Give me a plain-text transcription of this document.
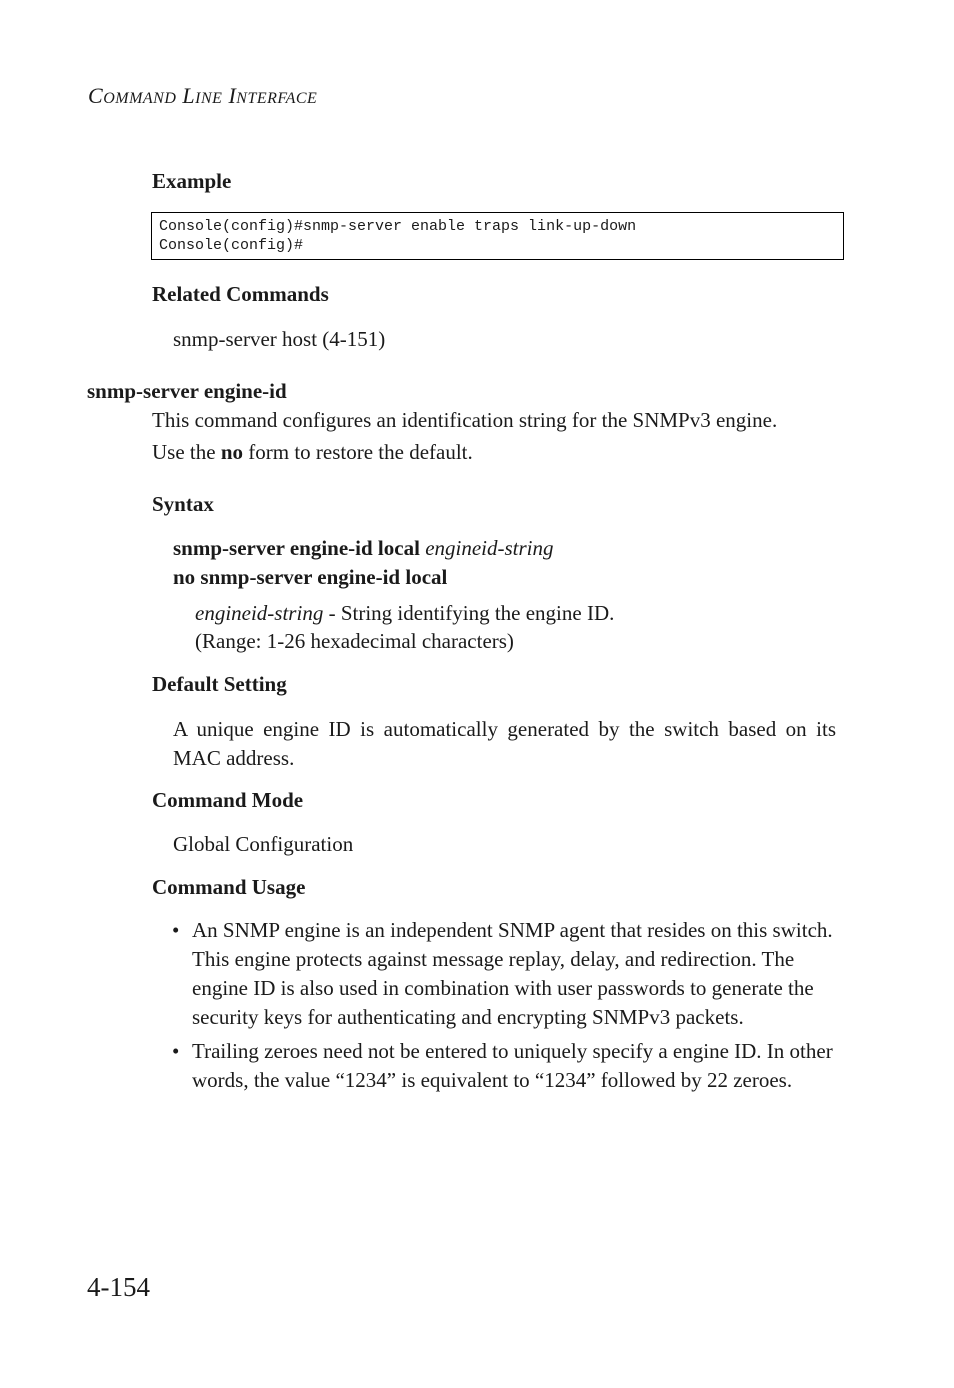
COMMAND LINE INTERFACE
Example
Console(config)#snmp-server enable traps link-up-down
Console(config)#
Related Commands
snmp-server host (4-151)
snmp-server engine-id
This command configures an identification string for the SNMPv3 engine.
Use the no form to restore the default.
Syntax
snmp-server engine-id local engineid-string
no snmp-server engine-id local
engineid-string - String identifying the engine ID.
(Range: 1-26 hexadecimal characters)
Default Setting
A unique engine ID is automatically generated by the switch based on its MAC address.
Command Mode
Global Configuration
Command Usage
• An SNMP engine is an independent SNMP agent that resides on this switch. This engine protects against message replay, delay, and redirection. The engine ID is also used in combination with user passwords to generate the security keys for authenticating and encrypting SNMPv3 packets.
• Trailing zeroes need not be entered to uniquely specify a engine ID. In other words, the value “1234” is equivalent to “1234” followed by 22 zeroes.
4-154
